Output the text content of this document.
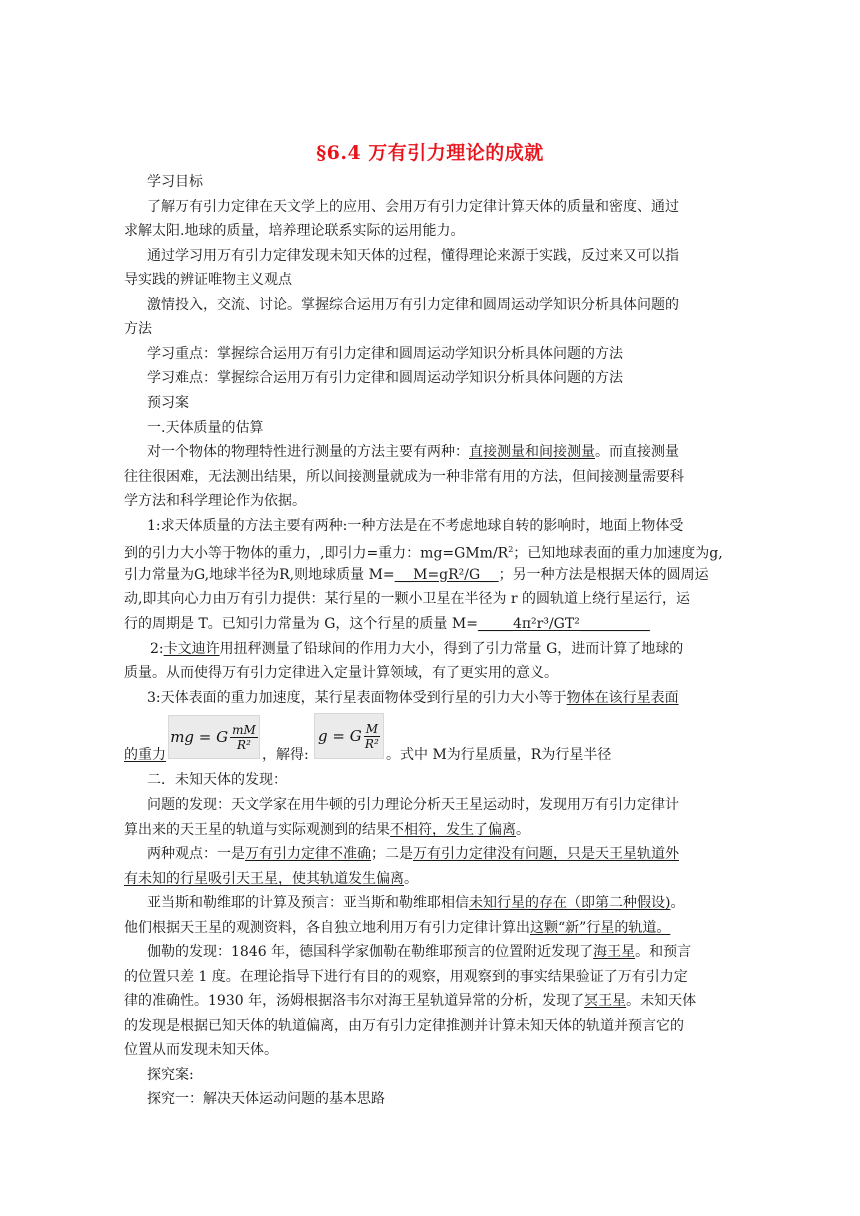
§6.4 万有引力理论的成就
学习目标
了解万有引力定律在天文学上的应用、会用万有引力定律计算天体的质量和密度、通过
求解太阳.地球的质量，培养理论联系实际的运用能力。
通过学习用万有引力定律发现未知天体的过程，懂得理论来源于实践，反过来又可以指
导实践的辨证唯物主义观点
激情投入，交流、讨论。掌握综合运用万有引力定律和圆周运动学知识分析具体问题的
方法
学习重点：掌握综合运用万有引力定律和圆周运动学知识分析具体问题的方法
学习难点：掌握综合运用万有引力定律和圆周运动学知识分析具体问题的方法
预习案
一.天体质量的估算
对一个物体的物理特性进行测量的方法主要有两种：直接测量和间接测量。而直接测量
往往很困难，无法测出结果，所以间接测量就成为一种非常有用的方法，但间接测量需要科
学方法和科学理论作为依据。
1:求天体质量的方法主要有两种:一种方法是在不考虑地球自转的影响时，地面上物体受
到的引力大小等于物体的重力，,即引力=重力：$mg=GMm/R^2$；已知地球表面的重力加速度为g,
引力常量为G,地球半径为R,则地球质量 M= __M=gR²/G__ ；另一种方法是根据天体的圆周运
动,即其向心力由万有引力提供：某行星的一颗小卫星在半径为 r 的圆轨道上绕行星运行，运
行的周期是 T。已知引力常量为 G，这个行星的质量 M=_____4π²r³/GT²__________
2:卡文迪许用扭秤测量了铅球间的作用力大小，得到了引力常量 G，进而计算了地球的
质量。从而使得万有引力定律进入定量计算领域，有了更实用的意义。
3:天体表面的重力加速度，某行星表面物体受到行星的引力大小等于物体在该行星表面
mg = G $\frac{mM}{\text{R²}}$	g = G $\frac{M}{\text{R²}}$
的重力	，解得:	。式中 M为行星质量，R为行星半径
二．未知天体的发现：
问题的发现：天文学家在用牛顿的引力理论分析天王星运动时，发现用万有引力定律计
算出来的天王星的轨道与实际观测到的结果不相符，发生了偏离。
两种观点：一是万有引力定律不准确；二是万有引力定律没有问题，只是天王星轨道外
有未知的行星吸引天王星，使其轨道发生偏离。
亚当斯和勒维耶的计算及预言：亚当斯和勒维耶相信未知行星的存在（即第二种假设)。
他们根据天王星的观测资料，各自独立地利用万有引力定律计算出这颗“新”行星的轨道。
伽勒的发现：1846 年，德国科学家伽勒在勒维耶预言的位置附近发现了海王星。和预言
的位置只差 1 度。在理论指导下进行有目的的观察，用观察到的事实结果验证了万有引力定
律的准确性。1930 年，汤姆根据洛韦尔对海王星轨道异常的分析，发现了冥王星。未知天体
的发现是根据已知天体的轨道偏离，由万有引力定律推测并计算未知天体的轨道并预言它的
位置从而发现未知天体。
探究案:
探究一：解决天体运动问题的基本思路
